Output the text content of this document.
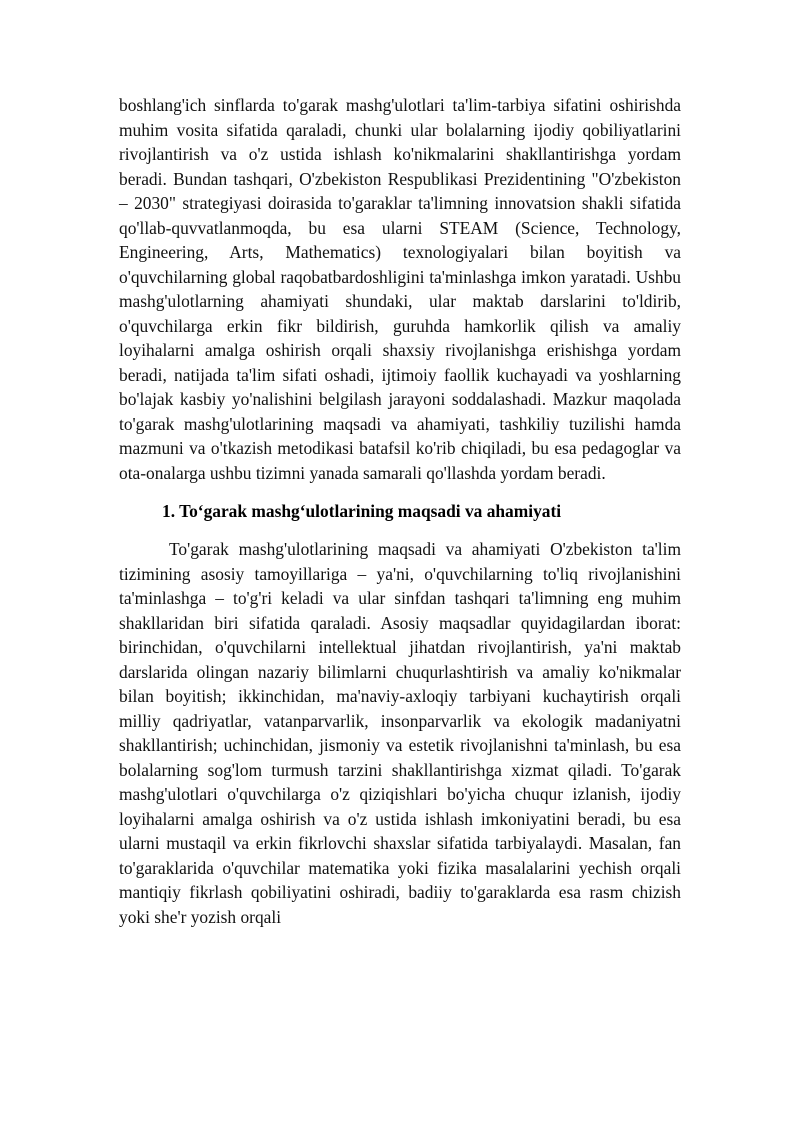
boshlang'ich sinflarda to'garak mashg'ulotlari ta'lim-tarbiya sifatini oshirishda muhim vosita sifatida qaraladi, chunki ular bolalarning ijodiy qobiliyatlarini rivojlantirish va o'z ustida ishlash ko'nikmalarini shakllantirishga yordam beradi. Bundan tashqari, O'zbekiston Respublikasi Prezidentining "O'zbekiston – 2030" strategiyasi doirasida to'garaklar ta'limning innovatsion shakli sifatida qo'llab-quvvatlanmoqda, bu esa ularni STEAM (Science, Technology, Engineering, Arts, Mathematics) texnologiyalari bilan boyitish va o'quvchilarning global raqobatbardoshligini ta'minlashga imkon yaratadi. Ushbu mashg'ulotlarning ahamiyati shundaki, ular maktab darslarini to'ldirib, o'quvchilarga erkin fikr bildirish, guruhda hamkorlik qilish va amaliy loyihalarni amalga oshirish orqali shaxsiy rivojlanishga erishishga yordam beradi, natijada ta'lim sifati oshadi, ijtimoiy faollik kuchayadi va yoshlarning bo'lajak kasbiy yo'nalishini belgilash jarayoni soddalashadi. Mazkur maqolada to'garak mashg'ulotlarining maqsadi va ahamiyati, tashkiliy tuzilishi hamda mazmuni va o'tkazish metodikasi batafsil ko'rib chiqiladi, bu esa pedagoglar va ota-onalarga ushbu tizimni yanada samarali qo'llashda yordam beradi.

1. To‘garak mashg‘ulotlarining maqsadi va ahamiyati

To'garak mashg'ulotlarining maqsadi va ahamiyati O'zbekiston ta'lim tizimining asosiy tamoyillariga – ya'ni, o'quvchilarning to'liq rivojlanishini ta'minlashga – to'g'ri keladi va ular sinfdan tashqari ta'limning eng muhim shakllaridan biri sifatida qaraladi. Asosiy maqsadlar quyidagilardan iborat: birinchidan, o'quvchilarni intellektual jihatdan rivojlantirish, ya'ni maktab darslarida olingan nazariy bilimlarni chuqurlashtirish va amaliy ko'nikmalar bilan boyitish; ikkinchidan, ma'naviy-axloqiy tarbiyani kuchaytirish orqali milliy qadriyatlar, vatanparvarlik, insonparvarlik va ekologik madaniyatni shakllantirish; uchinchidan, jismoniy va estetik rivojlanishni ta'minlash, bu esa bolalarning sog'lom turmush tarzini shakllantirishga xizmat qiladi. To'garak mashg'ulotlari o'quvchilarga o'z qiziqishlari bo'yicha chuqur izlanish, ijodiy loyihalarni amalga oshirish va o'z ustida ishlash imkoniyatini beradi, bu esa ularni mustaqil va erkin fikrlovchi shaxslar sifatida tarbiyalaydi. Masalan, fan to'garaklarida o'quvchilar matematika yoki fizika masalalarini yechish orqali mantiqiy fikrlash qobiliyatini oshiradi, badiiy to'garaklarda esa rasm chizish yoki she'r yozish orqali
